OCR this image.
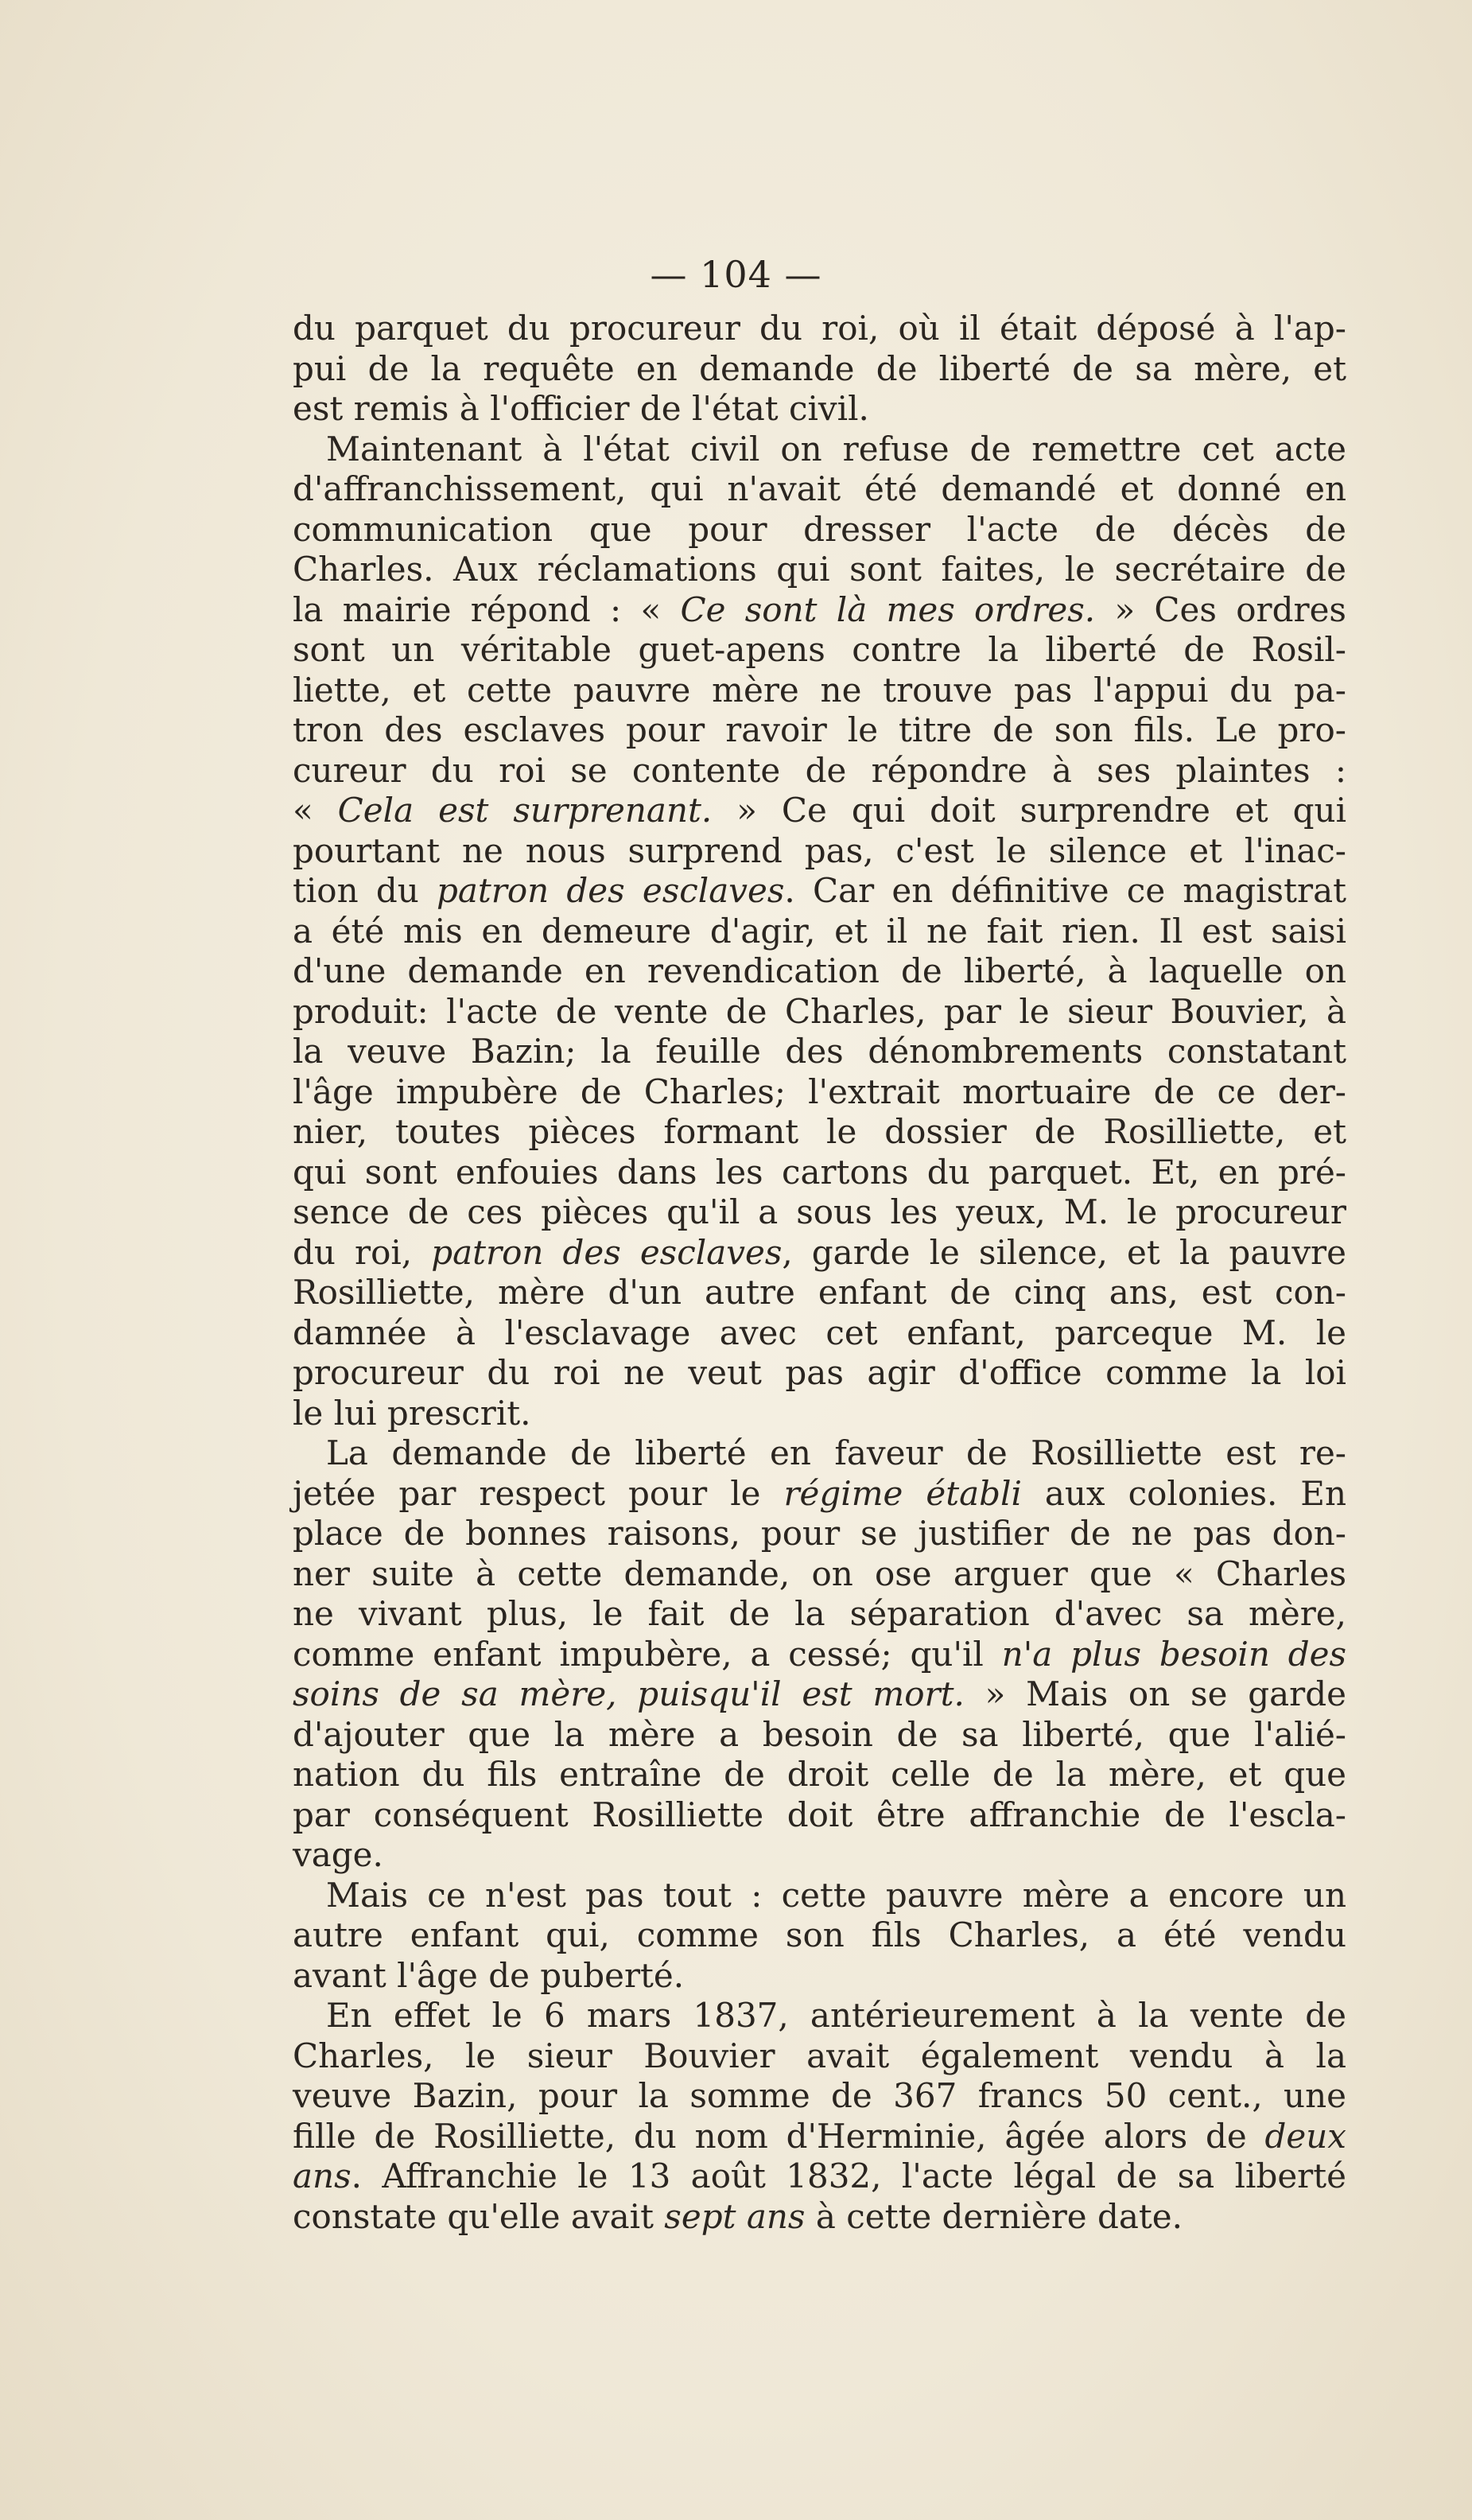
— 104 —
du parquet du procureur du roi, où il était déposé à l'ap-
pui de la requête en demande de liberté de sa mère, et
est remis à l'officier de l'état civil.
Maintenant à l'état civil on refuse de remettre cet acte
d'affranchissement, qui n'avait été demandé et donné en
communication que pour dresser l'acte de décès de
Charles. Aux réclamations qui sont faites, le secrétaire de
la mairie répond : « Ce sont là mes ordres. » Ces ordres
sont un véritable guet-apens contre la liberté de Rosil-
liette, et cette pauvre mère ne trouve pas l'appui du pa-
tron des esclaves pour ravoir le titre de son fils. Le pro-
cureur du roi se contente de répondre à ses plaintes :
« Cela est surprenant. » Ce qui doit surprendre et qui
pourtant ne nous surprend pas, c'est le silence et l'inac-
tion du patron des esclaves. Car en définitive ce magistrat
a été mis en demeure d'agir, et il ne fait rien. Il est saisi
d'une demande en revendication de liberté, à laquelle on
produit: l'acte de vente de Charles, par le sieur Bouvier, à
la veuve Bazin; la feuille des dénombrements constatant
l'âge impubère de Charles; l'extrait mortuaire de ce der-
nier, toutes pièces formant le dossier de Rosilliette, et
qui sont enfouies dans les cartons du parquet. Et, en pré-
sence de ces pièces qu'il a sous les yeux, M. le procureur
du roi, patron des esclaves, garde le silence, et la pauvre
Rosilliette, mère d'un autre enfant de cinq ans, est con-
damnée à l'esclavage avec cet enfant, parceque M. le
procureur du roi ne veut pas agir d'office comme la loi
le lui prescrit.
La demande de liberté en faveur de Rosilliette est re-
jetée par respect pour le régime établi aux colonies. En
place de bonnes raisons, pour se justifier de ne pas don-
ner suite à cette demande, on ose arguer que « Charles
ne vivant plus, le fait de la séparation d'avec sa mère,
comme enfant impubère, a cessé; qu'il n'a plus besoin des
soins de sa mère, puisqu'il est mort. » Mais on se garde
d'ajouter que la mère a besoin de sa liberté, que l'alié-
nation du fils entraîne de droit celle de la mère, et que
par conséquent Rosilliette doit être affranchie de l'escla-
vage.
Mais ce n'est pas tout : cette pauvre mère a encore un
autre enfant qui, comme son fils Charles, a été vendu
avant l'âge de puberté.
En effet le 6 mars 1837, antérieurement à la vente de
Charles, le sieur Bouvier avait également vendu à la
veuve Bazin, pour la somme de 367 francs 50 cent., une
fille de Rosilliette, du nom d'Herminie, âgée alors de deux
ans. Affranchie le 13 août 1832, l'acte légal de sa liberté
constate qu'elle avait sept ans à cette dernière date.
